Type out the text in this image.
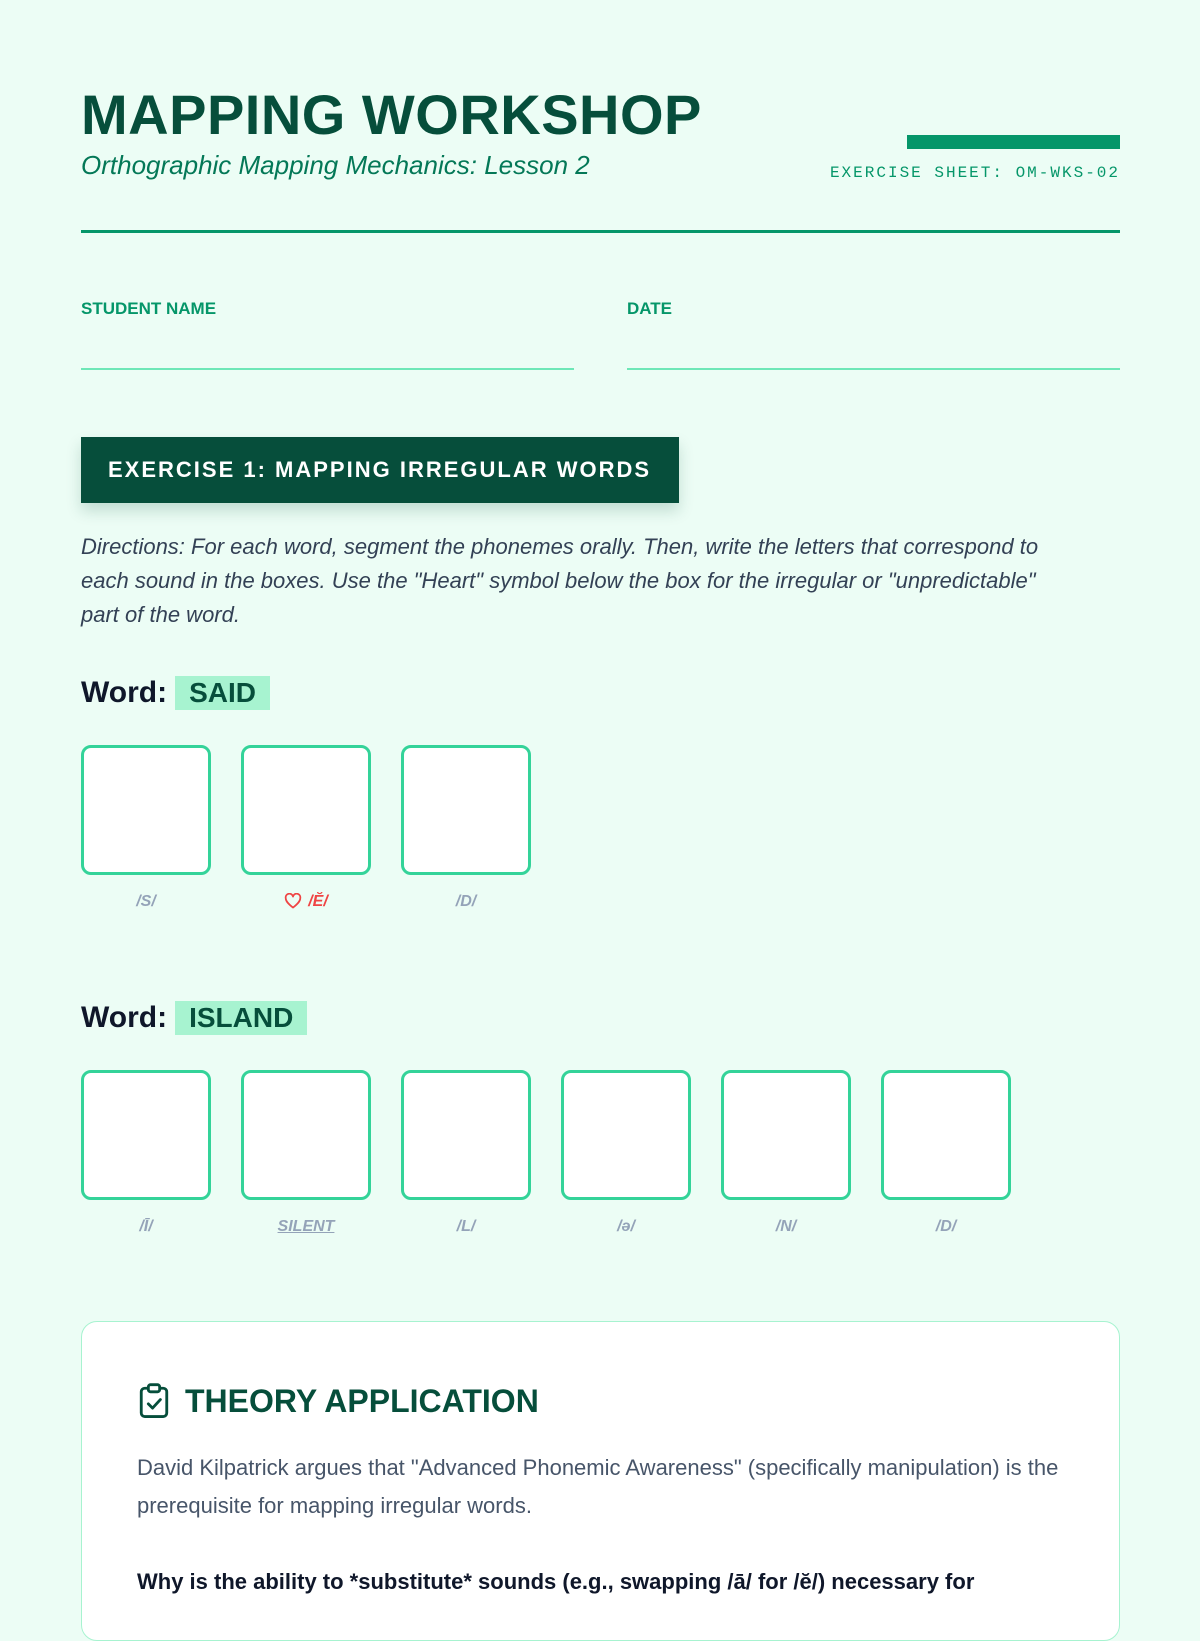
MAPPING WORKSHOP

Orthographic Mapping Mechanics: Lesson 2	EXERCISE SHEET: OM-WKS-02
STUDENT NAME	DATE
EXERCISE 1: MAPPING IRREGULAR WORDS

Directions: For each word, segment the phonemes orally. Then, write the letters that correspond to each sound in the boxes. Use the "Heart" symbol below the box for the irregular or "unpredictable" part of the word.

Word: SAID
/S/	/Ĕ/	/D/
Word: ISLAND
/Ī/	SILENT	/L/	/ə/	/N/	/D/
THEORY APPLICATION

David Kilpatrick argues that "Advanced Phonemic Awareness" (specifically manipulation) is the prerequisite for mapping irregular words.

Why is the ability to *substitute* sounds (e.g., swapping /ā/ for /ĕ/) necessary for
